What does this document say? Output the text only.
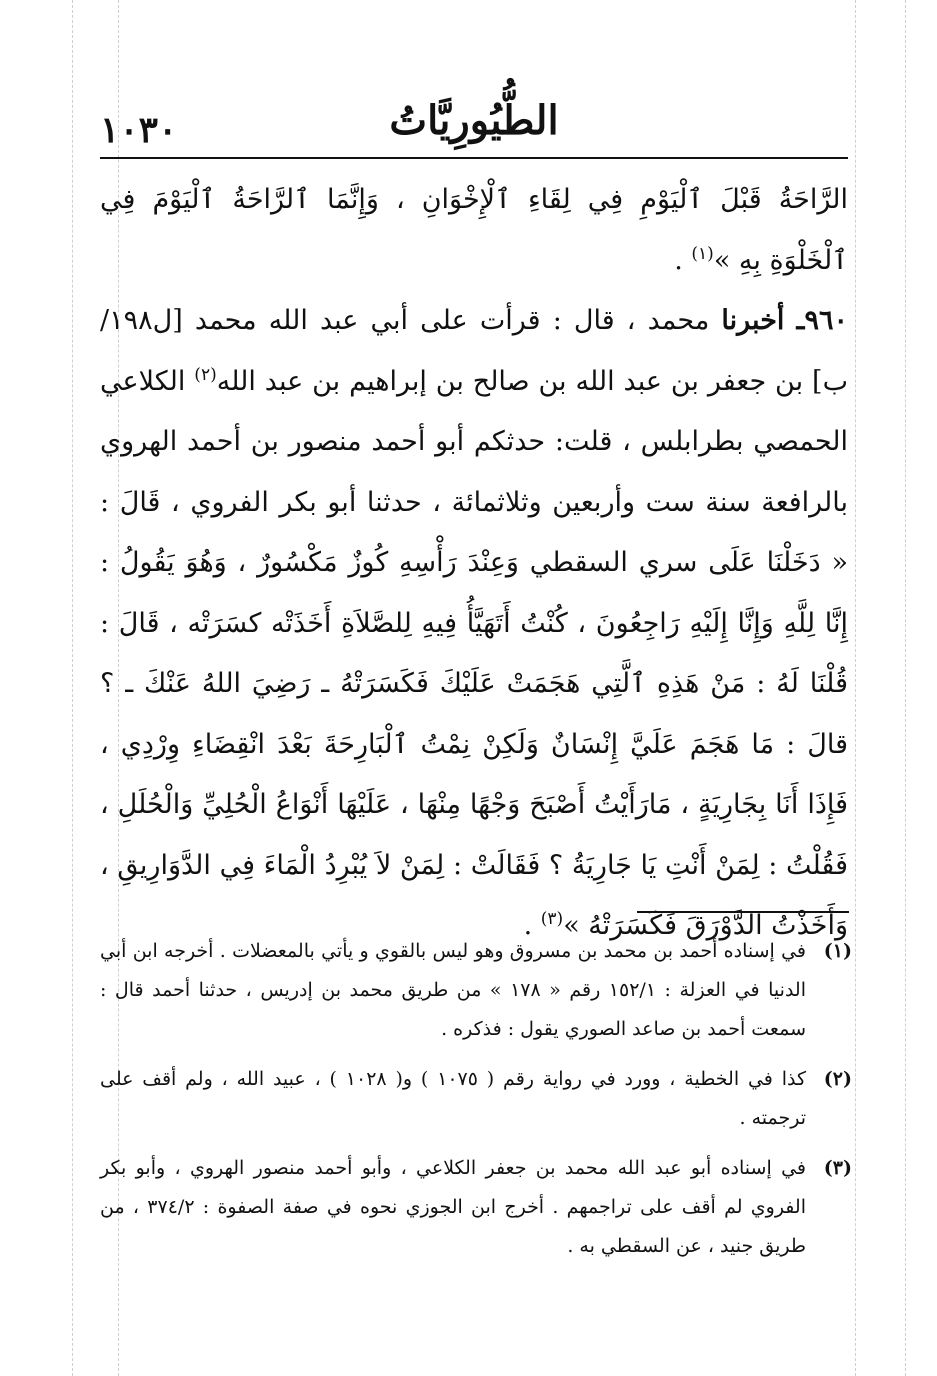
١٠٣٠	الطُّيُورِيَّاتُ

الرَّاحَةُ قَبْلَ ٱلْيَوْمِ فِي لِقَاءِ ٱلْإِخْوَانِ ، وَإِنَّمَا ٱلرَّاحَةُ ٱلْيَوْمَ فِي ٱلْخَلْوَةِ بِهِ »$^{(١)}$ .

٩٦٠ـ أخبرنا محمد ، قال : قرأت على أبي عبد الله محمد [ل١٩٨/ ب] بن جعفر بن عبد الله بن صالح بن إبراهيم بن عبد الله$^{(٢)}$ الكلاعي الحمصي بطرابلس ، قلت: حدثكم أبو أحمد منصور بن أحمد الهروي بالرافعة سنة ست وأربعين وثلاثمائة ، حدثنا أبو بكر الفروي ، قَالَ : « دَخَلْنَا عَلَى سري السقطي وَعِنْدَ رَأْسِهِ كُوزٌ مَكْسُورٌ ، وَهُوَ يَقُولُ : إِنَّا لِلَّهِ وَإِنَّا إِلَيْهِ رَاجِعُونَ ، كُنْتُ أَتَهَيَّأُ فِيهِ لِلصَّلاَةِ أَخَذَتْه كسَرَتْه ، قَالَ : قُلْنَا لَهُ : مَنْ هَذِهِ ٱلَّتِي هَجَمَتْ عَلَيْكَ فَكَسَرَتْهُ ـ رَضِيَ اللهُ عَنْكَ ـ ؟ قالَ : مَا هَجَمَ عَلَيَّ إِنْسَانٌ وَلَكِنْ نِمْتُ ٱلْبَارِحَةَ بَعْدَ انْقِضَاءِ وِرْدِي ، فَإِذَا أَنَا بِجَارِيَةٍ ، مَارَأَيْتُ أَصْبَحَ وَجْهًا مِنْهَا ، عَلَيْهَا أَنْوَاعُ الْحُلِيِّ وَالْحُلَلِ ، فَقُلْتُ : لِمَنْ أَنْتِ يَا جَارِيَةُ ؟ فَقَالَتْ : لِمَنْ لاَ يُبْرِدُ الْمَاءَ فِي الدَّوَارِيقِ ، وَأَخَذْتُ الدَّوْرَقَ فَكَسَرَتْهُ »$^{(٣)}$ .

(١)
في إسناده أحمد بن محمد بن مسروق وهو ليس بالقوي و يأتي بالمعضلات . أخرجه ابن أبي الدنيا في العزلة : ١٥٢/١ رقم « ١٧٨ » من طريق محمد بن إدريس ، حدثنا أحمد قال : سمعت أحمد بن صاعد الصوري يقول : فذكره .
(٢)
كذا في الخطية ، وورد في رواية رقم ( ١٠٧٥ ) و( ١٠٢٨ ) ، عبيد الله ، ولم أقف على ترجمته .
(٣)
في إسناده أبو عبد الله محمد بن جعفر الكلاعي ، وأبو أحمد منصور الهروي ، وأبو بكر الفروي لم أقف على تراجمهم . أخرج ابن الجوزي نحوه في صفة الصفوة : ٣٧٤/٢ ، من طريق جنيد ، عن السقطي به .
